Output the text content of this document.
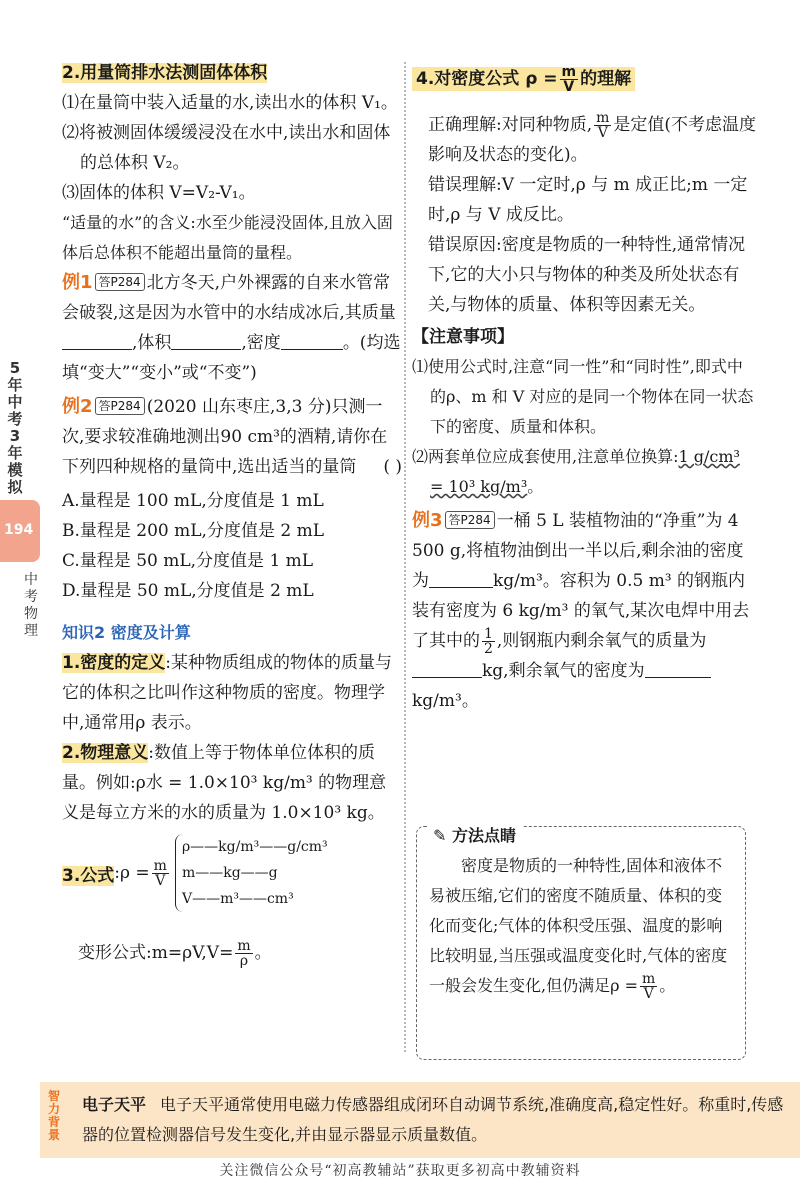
5年中考3年模拟
194
中考物理

2.用量筒排水法测固体体积

⑴在量筒中装入适量的水,读出水的体积 V₁。

⑵将被测固体缓缓浸没在水中,读出水和固体的总体积 V₂。

⑶固体的体积 V=V₂-V₁。

“适量的水”的含义:水至少能浸没固体,且放入固体后总体积不能超出量筒的量程。

例1 答P284 北方冬天,户外裸露的自来水管常会破裂,这是因为水管中的水结成冰后,其质量,体积	,密度	。(均选填“变大”“变小”或“不变”)

例2 答P284 (2020 山东枣庄,3,3 分)只测一次,要求较准确地测出90 cm³的酒精,请你在下列四种规格的量筒中,选出适当的量筒 ( )

A.量程是 100 mL,分度值是 1 mL

B.量程是 200 mL,分度值是 2 mL

C.量程是 50 mL,分度值是 1 mL

D.量程是 50 mL,分度值是 2 mL

知识2 密度及计算

1.密度的定义:某种物质组成的物体的质量与它的体积之比叫作这种物质的密度。物理学中,通常用ρ 表示。

2.物理意义:数值上等于物体单位体积的质量。例如:ρ水 = 1.0×10³ kg/m³ 的物理意义是每立方米的水的质量为 1.0×10³ kg。

3.公式:ρ = $\frac{m}{V}$
ρ——kg/m³——g/cm³
m——kg——g
V——m³——cm³

变形公式:m=ρV,V= $\frac{m}{\rho}$ 。

4.对密度公式 $\rho = \frac{m}{V}$ 的理解

正确理解:对同种物质, $\frac{m}{V}$ 是定值(不考虑温度影响及状态的变化)。

错误理解:V 一定时,ρ 与 m 成正比;m 一定时,ρ 与 V 成反比。

错误原因:密度是物质的一种特性,通常情况下,它的大小只与物体的种类及所处状态有关,与物体的质量、体积等因素无关。

【注意事项】

⑴使用公式时,注意“同一性”和“同时性”,即式中的ρ、m 和 V 对应的是同一个物体在同一状态下的密度、质量和体积。

⑵两套单位应成套使用,注意单位换算:1 g/cm³ = 10³ kg/m³。

例3 答P284 一桶 5 L 装植物油的“净重”为 4 500 g,将植物油倒出一半以后,剩余油的密度为	kg/m³。容积为 0.5 m³ 的钢瓶内装有密度为 6 kg/m³ 的氧气,某次电焊中用去了其中的 $\frac{1}{2}$ ,则钢瓶内剩余氧气的质量为kg,剩余氧气的密度为kg/m³。

✎ 方法点睛
密度是物质的一种特性,固体和液体不易被压缩,它们的密度不随质量、体积的变化而变化;气体的体积受压强、温度的影响比较明显,当压强或温度变化时,气体的密度一般会发生变化,但仍满足$\rho = \frac{m}{V}$ 。
智力背景
电子天平 电子天平通常使用电磁力传感器组成闭环自动调节系统,准确度高,稳定性好。称重时,传感器的位置检测器信号发生变化,并由显示器显示质量数值。
关注微信公众号“初高教辅站”获取更多初高中教辅资料
